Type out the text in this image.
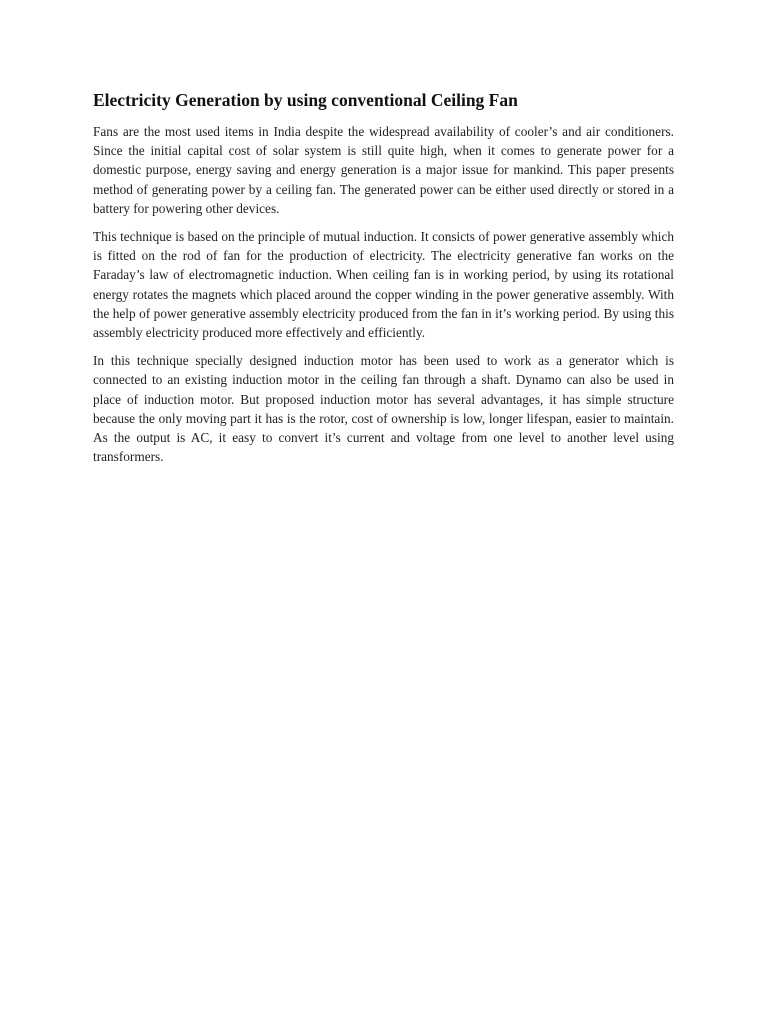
Electricity Generation by using conventional Ceiling Fan

Fans are the most used items in India despite the widespread availability of cooler’s and air conditioners. Since the initial capital cost of solar system is still quite high, when it comes to generate power for a domestic purpose, energy saving and energy generation is a major issue for mankind. This paper presents method of generating power by a ceiling fan. The generated power can be either used directly or stored in a battery for powering other devices.

This technique is based on the principle of mutual induction. It consicts of power generative assembly which is fitted on the rod of fan for the production of electricity. The electricity generative fan works on the Faraday’s law of electromagnetic induction. When ceiling fan is in working period, by using its rotational energy rotates the magnets which placed around the copper winding in the power generative assembly. With the help of power generative assembly electricity produced from the fan in it’s working period. By using this assembly electricity produced more effectively and efficiently.

In this technique specially designed induction motor has been used to work as a generator which is connected to an existing induction motor in the ceiling fan through a shaft. Dynamo can also be used in place of induction motor. But proposed induction motor has several advantages, it has simple structure because the only moving part it has is the rotor, cost of ownership is low, longer lifespan, easier to maintain. As the output is AC, it easy to convert it’s current and voltage from one level to another level using transformers.
